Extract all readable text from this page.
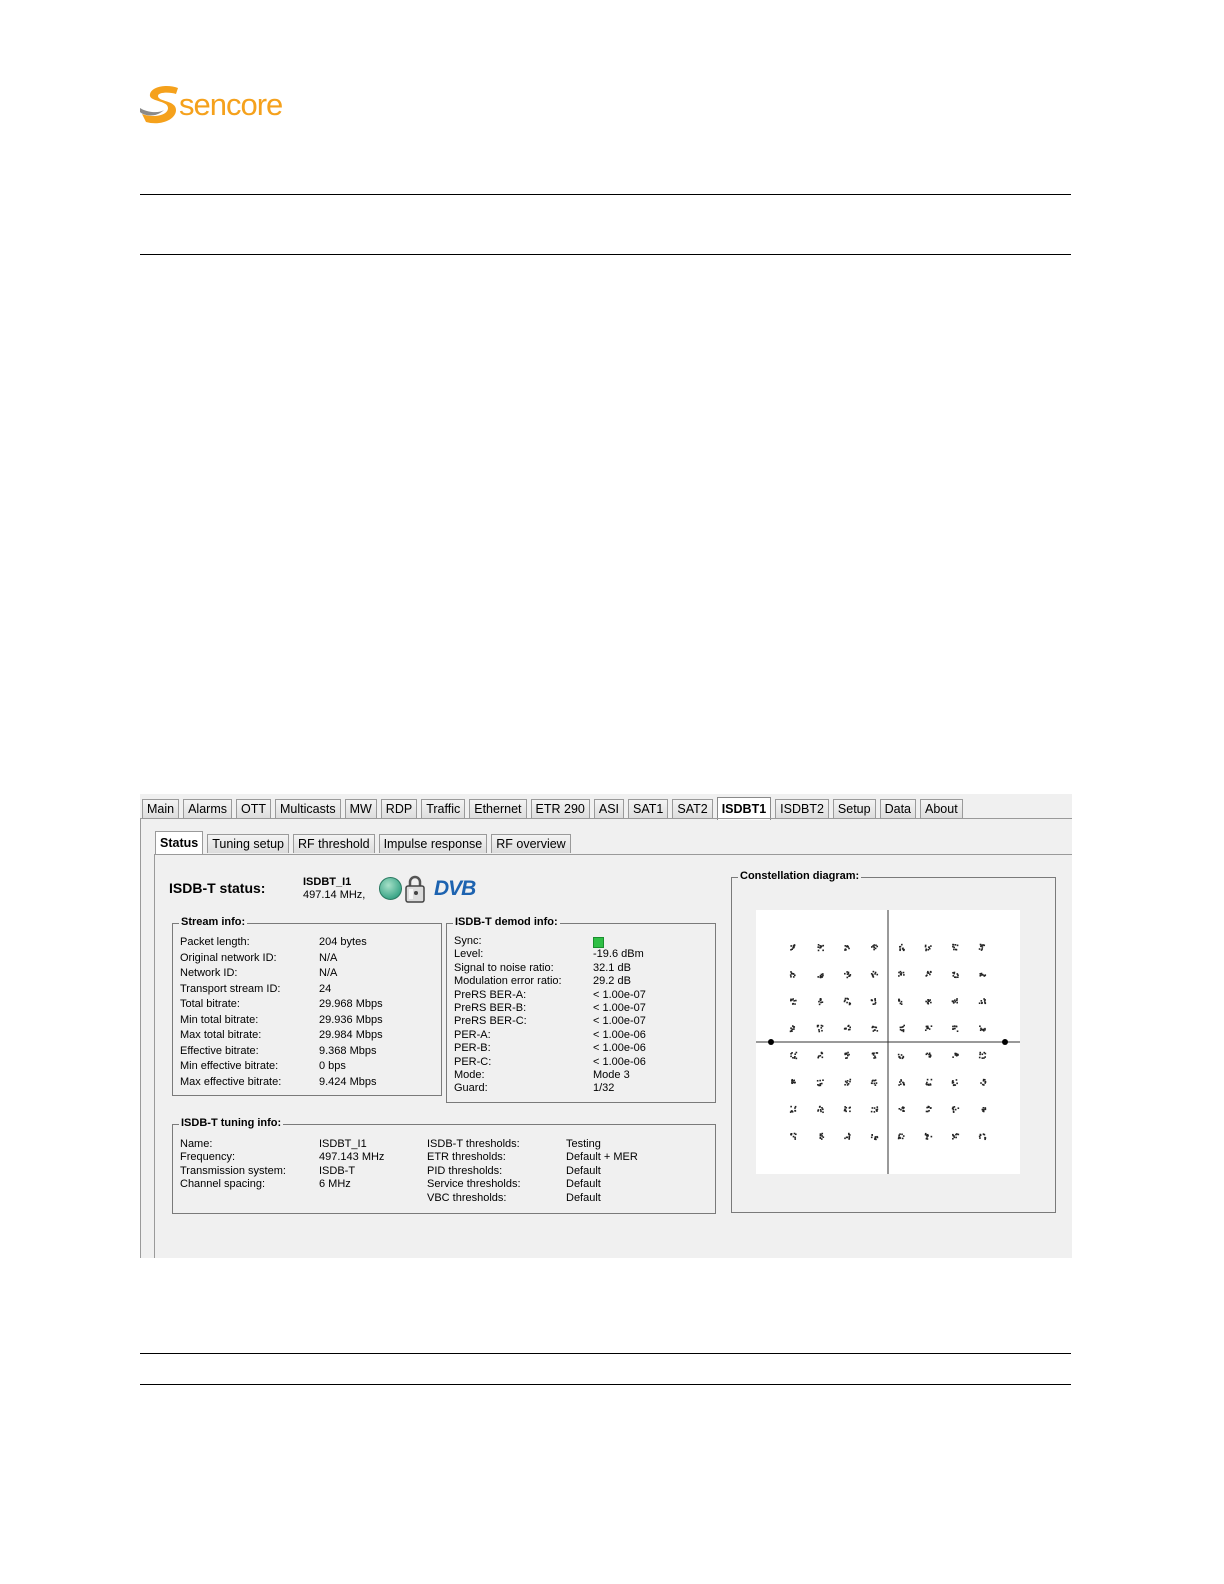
sencore
Main Alarms OTT Multicasts MW RDP Traffic Ethernet ETR 290 ASI SAT1 SAT2 ISDBT1 ISDBT2 Setup Data About
Status Tuning setup RF threshold Impulse response RF overview
ISDB-T status:	ISDBT_I1
497.14 MHz,	DVB
Stream info:
Packet length:
Original network ID:
Network ID:
Transport stream ID:
Total bitrate:
Min total bitrate:
Max total bitrate:
Effective bitrate:
Min effective bitrate:
Max effective bitrate:
204 bytes
N/A
N/A
24
29.968 Mbps
29.936 Mbps
29.984 Mbps
9.368 Mbps
0 bps
9.424 Mbps
ISDB-T demod info:
Sync:
Level:
Signal to noise ratio:
Modulation error ratio:
PreRS BER-A:
PreRS BER-B:
PreRS BER-C:
PER-A:
PER-B:
PER-C:
Mode:
Guard:
-19.6 dBm
32.1 dB
29.2 dB
< 1.00e-07
< 1.00e-07
< 1.00e-07
< 1.00e-06
< 1.00e-06
< 1.00e-06
Mode 3
1/32
ISDB-T tuning info:
Name:
Frequency:
Transmission system:
Channel spacing:
ISDBT_I1
497.143 MHz
ISDB-T
6 MHz
ISDB-T thresholds:
ETR thresholds:
PID thresholds:
Service thresholds:
VBC thresholds:
Testing
Default + MER
Default
Default
Default
Constellation diagram:
